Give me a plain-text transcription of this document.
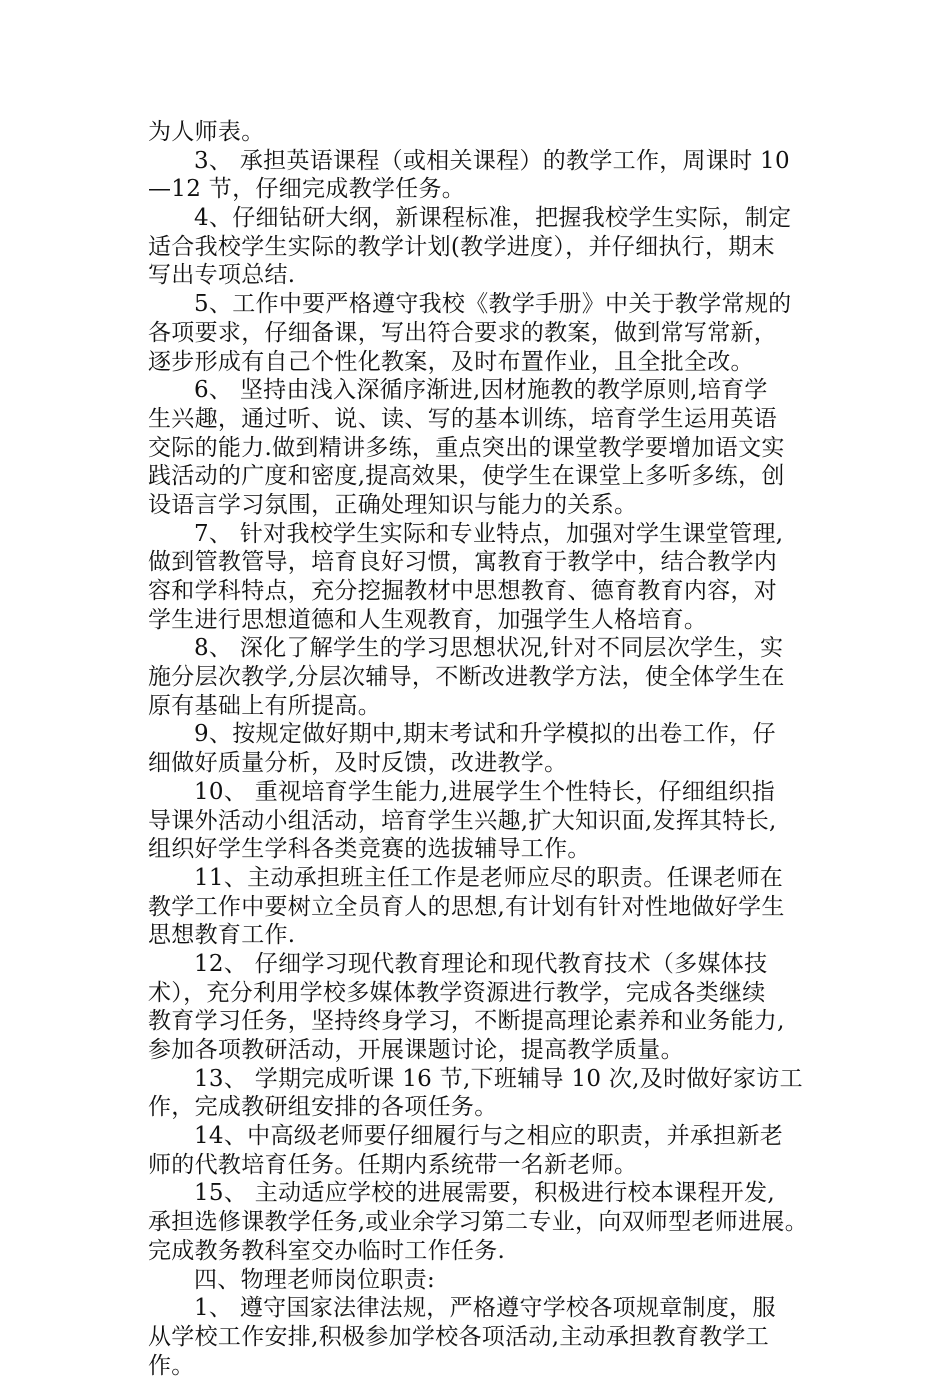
为人师表。
3、 承担英语课程（或相关课程）的教学工作，周课时 10
—12 节，仔细完成教学任务。
4、仔细钻研大纲，新课程标准，把握我校学生实际，制定
适合我校学生实际的教学计划(教学进度），并仔细执行，期末
写出专项总结.
5、工作中要严格遵守我校《教学手册》中关于教学常规的
各项要求，仔细备课，写出符合要求的教案，做到常写常新，
逐步形成有自己个性化教案，及时布置作业，且全批全改。
6、 坚持由浅入深循序渐进,因材施教的教学原则,培育学
生兴趣，通过听、说、读、写的基本训练，培育学生运用英语
交际的能力.做到精讲多练，重点突出的课堂教学要增加语文实
践活动的广度和密度,提高效果，使学生在课堂上多听多练，创
设语言学习氛围，正确处理知识与能力的关系。
7、 针对我校学生实际和专业特点，加强对学生课堂管理,
做到管教管导，培育良好习惯，寓教育于教学中，结合教学内
容和学科特点，充分挖掘教材中思想教育、德育教育内容，对
学生进行思想道德和人生观教育，加强学生人格培育。
8、 深化了解学生的学习思想状况,针对不同层次学生，实
施分层次教学,分层次辅导，不断改进教学方法，使全体学生在
原有基础上有所提高。
9、按规定做好期中,期末考试和升学模拟的出卷工作，仔
细做好质量分析，及时反馈，改进教学。
10、 重视培育学生能力,进展学生个性特长，仔细组织指
导课外活动小组活动，培育学生兴趣,扩大知识面,发挥其特长,
组织好学生学科各类竞赛的选拔辅导工作。
11、主动承担班主任工作是老师应尽的职责。任课老师在
教学工作中要树立全员育人的思想,有计划有针对性地做好学生
思想教育工作.
12、 仔细学习现代教育理论和现代教育技术（多媒体技
术），充分利用学校多媒体教学资源进行教学，完成各类继续
教育学习任务，坚持终身学习，不断提高理论素养和业务能力,
参加各项教研活动，开展课题讨论，提高教学质量。
13、 学期完成听课 16 节,下班辅导 10 次,及时做好家访工
作，完成教研组安排的各项任务。
14、中高级老师要仔细履行与之相应的职责，并承担新老
师的代教培育任务。任期内系统带一名新老师。
15、 主动适应学校的进展需要，积极进行校本课程开发,
承担选修课教学任务,或业余学习第二专业，向双师型老师进展。
完成教务教科室交办临时工作任务.
四、物理老师岗位职责:
1、 遵守国家法律法规，严格遵守学校各项规章制度，服
从学校工作安排,积极参加学校各项活动,主动承担教育教学工
作。
